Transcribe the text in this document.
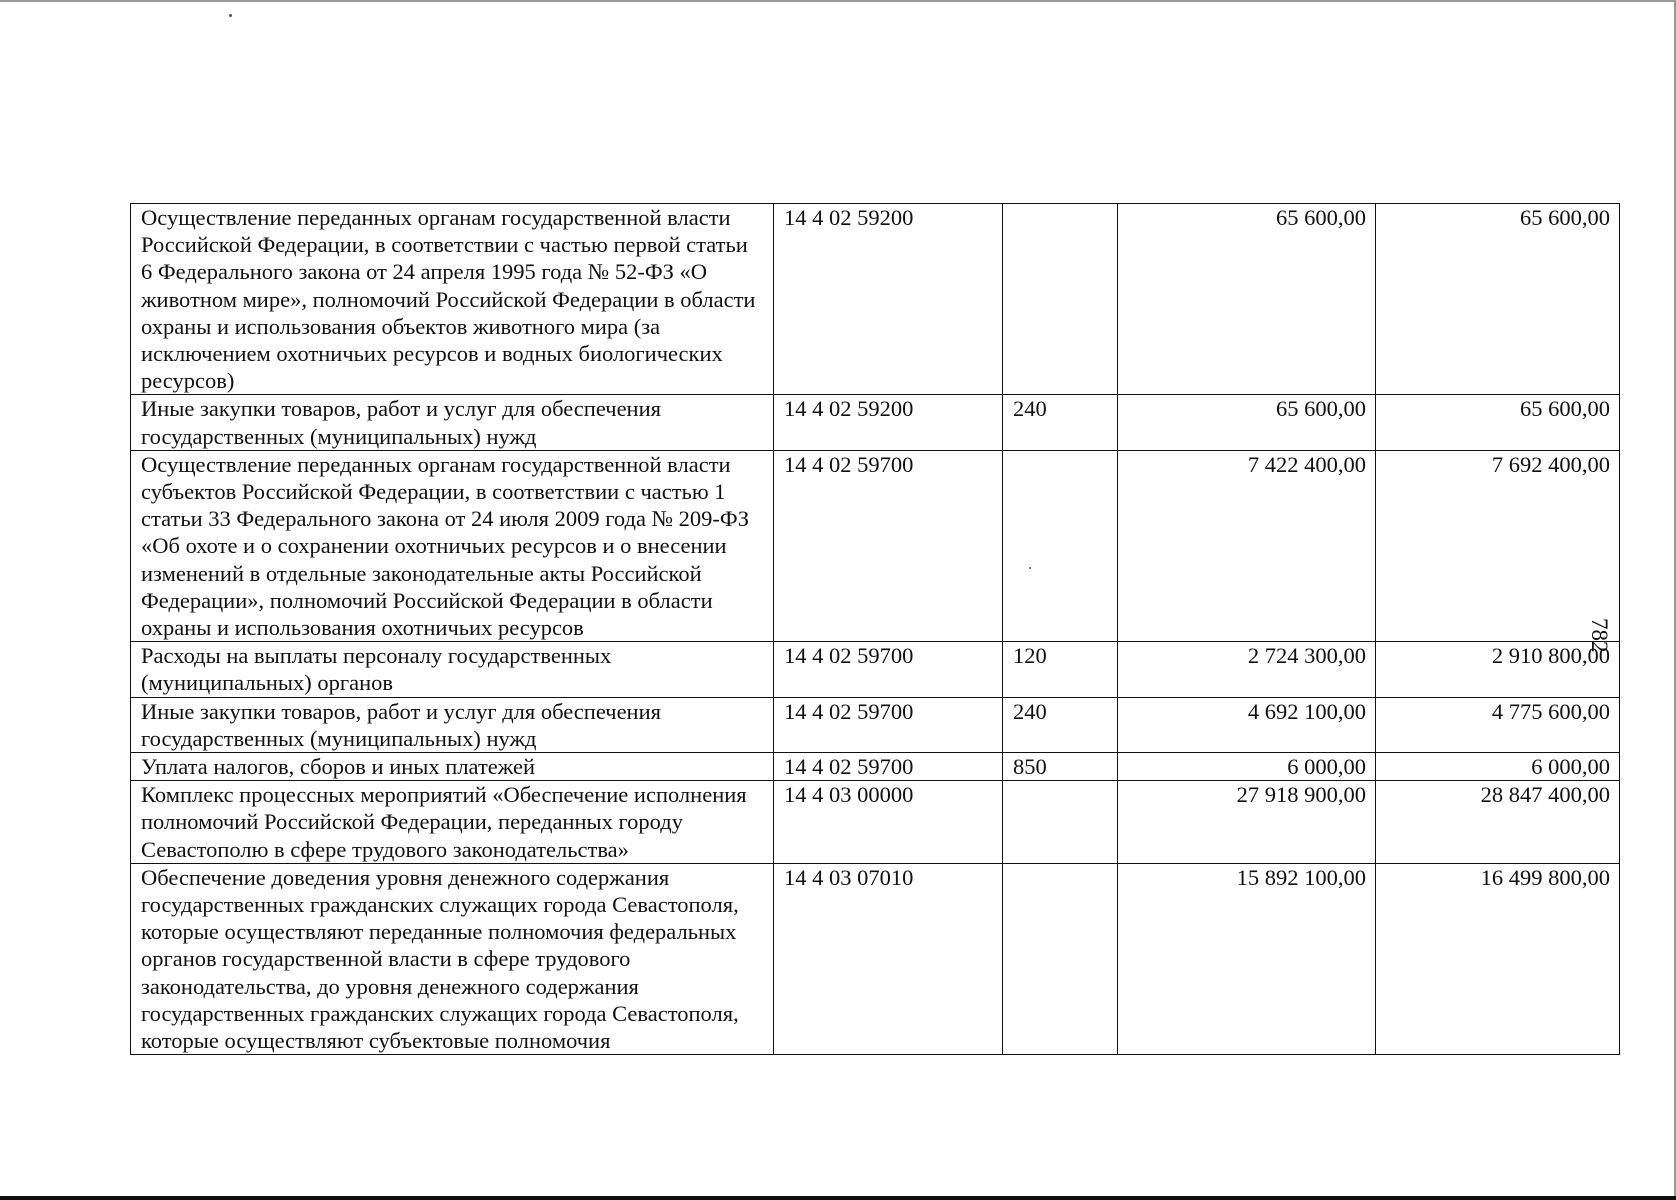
Осуществление переданных органам государственной власти Российской Федерации, в соответствии с частью первой статьи 6 Федерального закона от 24 апреля 1995 года № 52-ФЗ «О животном мире», полномочий Российской Федерации в области охраны и использования объектов животного мира (за исключением охотничьих ресурсов и водных биологических ресурсов)	14 4 02 59200		65 600,00	65 600,00
Иные закупки товаров, работ и услуг для обеспечения государственных (муниципальных) нужд	14 4 02 59200	240	65 600,00	65 600,00
Осуществление переданных органам государственной власти субъектов Российской Федерации, в соответствии с частью 1 статьи 33 Федерального закона от 24 июля 2009 года № 209-ФЗ «Об охоте и о сохранении охотничьих ресурсов и о внесении изменений в отдельные законодательные акты Российской Федерации», полномочий Российской Федерации в области охраны и использования охотничьих ресурсов	14 4 02 59700		7 422 400,00	7 692 400,00
Расходы на выплаты персоналу государственных (муниципальных) органов	14 4 02 59700	120	2 724 300,00	2 910 800,00
Иные закупки товаров, работ и услуг для обеспечения государственных (муниципальных) нужд	14 4 02 59700	240	4 692 100,00	4 775 600,00
Уплата налогов, сборов и иных платежей	14 4 02 59700	850	6 000,00	6 000,00
Комплекс процессных мероприятий «Обеспечение исполнения полномочий Российской Федерации, переданных городу Севастополю в сфере трудового законодательства»	14 4 03 00000		27 918 900,00	28 847 400,00
Обеспечение доведения уровня денежного содержания государственных гражданских служащих города Севастополя, которые осуществляют переданные полномочия федеральных органов государственной власти в сфере трудового законодательства, до уровня денежного содержания государственных гражданских служащих города Севастополя, которые осуществляют субъектовые полномочия	14 4 03 07010		15 892 100,00	16 499 800,00
782
